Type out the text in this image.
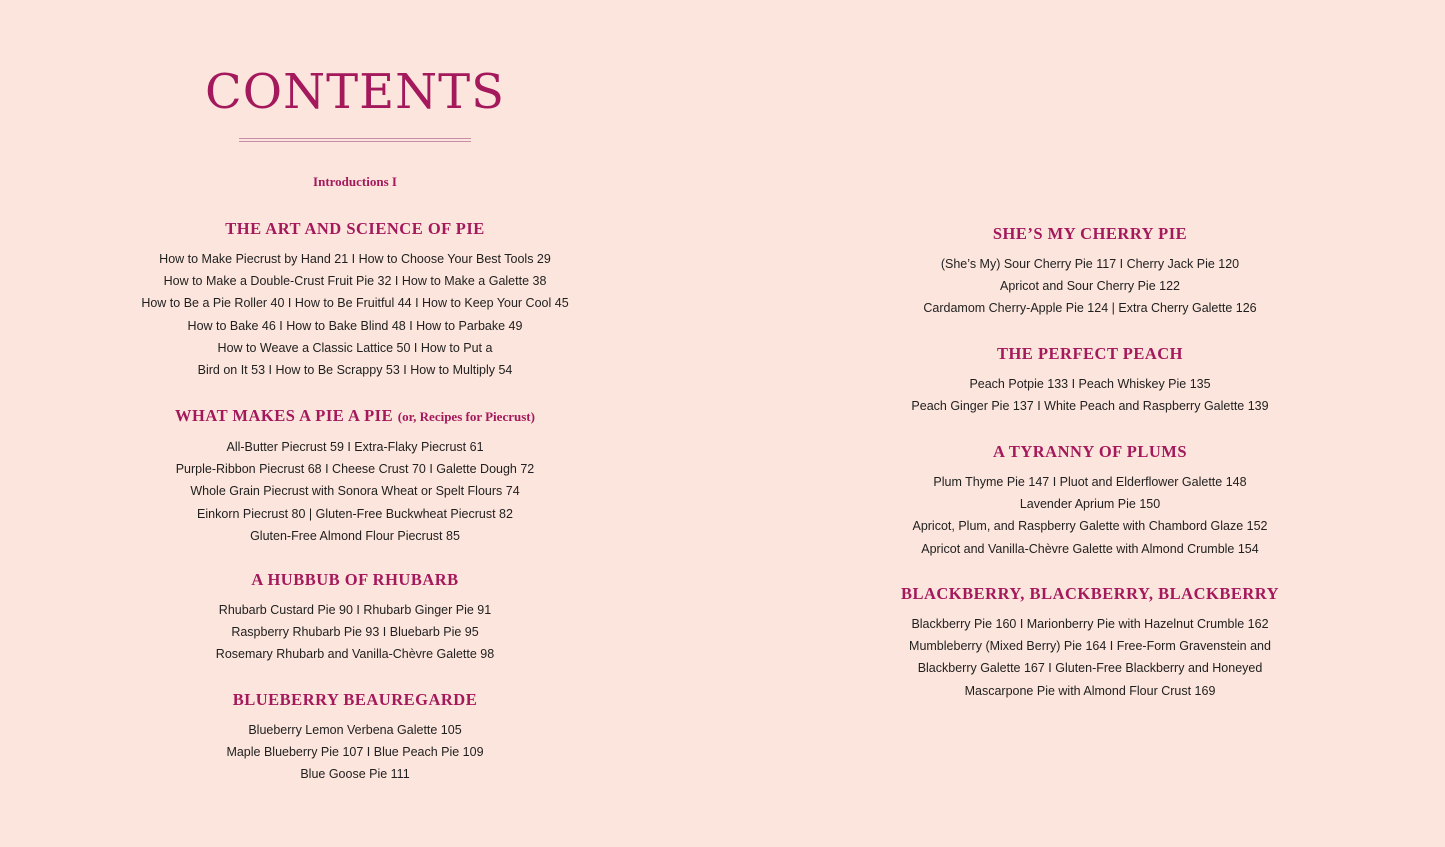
CONTENTS
Introductions I
THE ART AND SCIENCE OF PIE
How to Make Piecrust by Hand 21 I How to Choose Your Best Tools 29
How to Make a Double-Crust Fruit Pie 32 I How to Make a Galette 38
How to Be a Pie Roller 40 I How to Be Fruitful 44 I How to Keep Your Cool 45
How to Bake 46 I How to Bake Blind 48 I How to Parbake 49
How to Weave a Classic Lattice 50 I How to Put a
Bird on It 53 I How to Be Scrappy 53 I How to Multiply 54
WHAT MAKES A PIE A PIE (or, Recipes for Piecrust)
All-Butter Piecrust 59 I Extra-Flaky Piecrust 61
Purple-Ribbon Piecrust 68 I Cheese Crust 70 I Galette Dough 72
Whole Grain Piecrust with Sonora Wheat or Spelt Flours 74
Einkorn Piecrust 80 | Gluten-Free Buckwheat Piecrust 82
Gluten-Free Almond Flour Piecrust 85
A HUBBUB OF RHUBARB
Rhubarb Custard Pie 90 I Rhubarb Ginger Pie 91
Raspberry Rhubarb Pie 93 I Bluebarb Pie 95
Rosemary Rhubarb and Vanilla-Chèvre Galette 98
BLUEBERRY BEAUREGARDE
Blueberry Lemon Verbena Galette 105
Maple Blueberry Pie 107 I Blue Peach Pie 109
Blue Goose Pie 111
SHE’S MY CHERRY PIE
(She’s My) Sour Cherry Pie 117 I Cherry Jack Pie 120
Apricot and Sour Cherry Pie 122
Cardamom Cherry-Apple Pie 124 | Extra Cherry Galette 126
THE PERFECT PEACH
Peach Potpie 133 I Peach Whiskey Pie 135
Peach Ginger Pie 137 I White Peach and Raspberry Galette 139
A TYRANNY OF PLUMS
Plum Thyme Pie 147 I Pluot and Elderflower Galette 148
Lavender Aprium Pie 150
Apricot, Plum, and Raspberry Galette with Chambord Glaze 152
Apricot and Vanilla-Chèvre Galette with Almond Crumble 154
BLACKBERRY, BLACKBERRY, BLACKBERRY
Blackberry Pie 160 I Marionberry Pie with Hazelnut Crumble 162
Mumbleberry (Mixed Berry) Pie 164 I Free-Form Gravenstein and
Blackberry Galette 167 I Gluten-Free Blackberry and Honeyed
Mascarpone Pie with Almond Flour Crust 169
